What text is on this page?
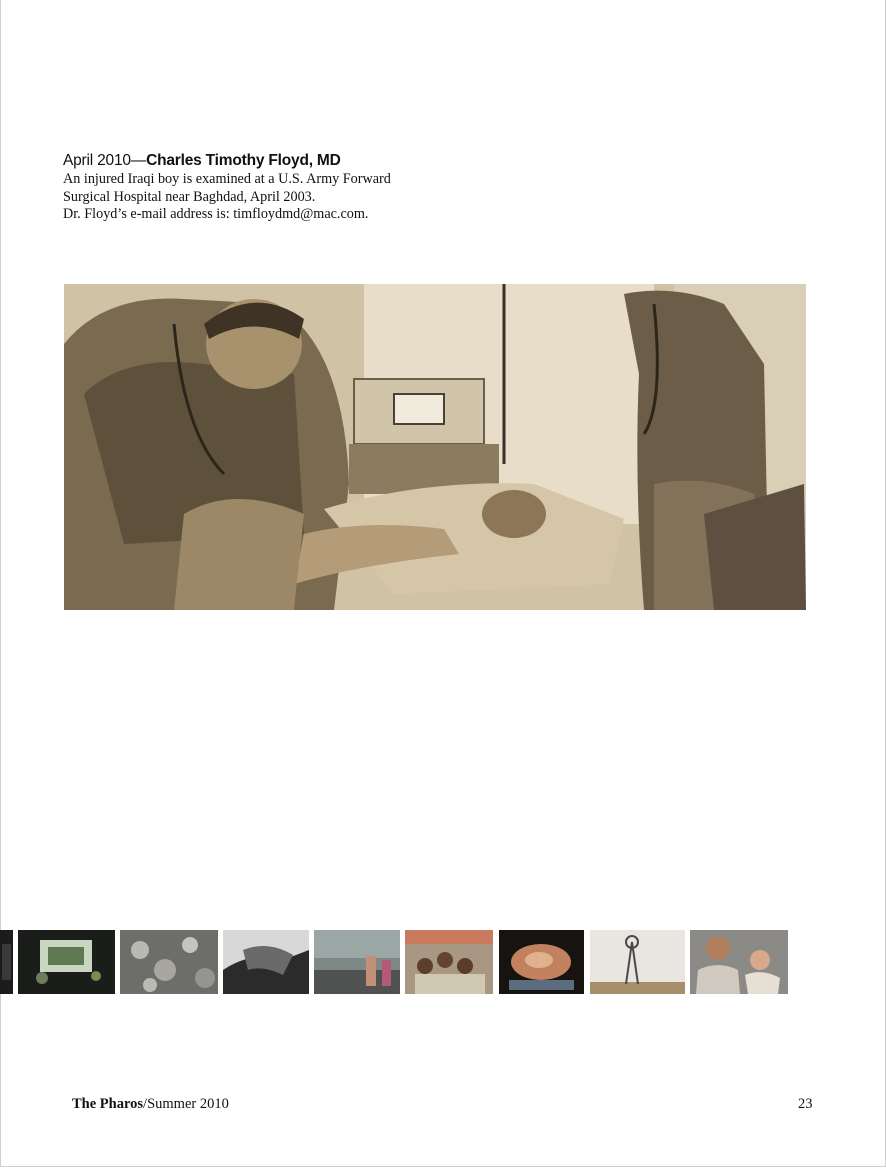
April 2010—Charles Timothy Floyd, MD
An injured Iraqi boy is examined at a U.S. Army Forward
Surgical Hospital near Baghdad, April 2003.
Dr. Floyd’s e-mail address is: timfloydmd@mac.com.
The Pharos/Summer 2010	23
